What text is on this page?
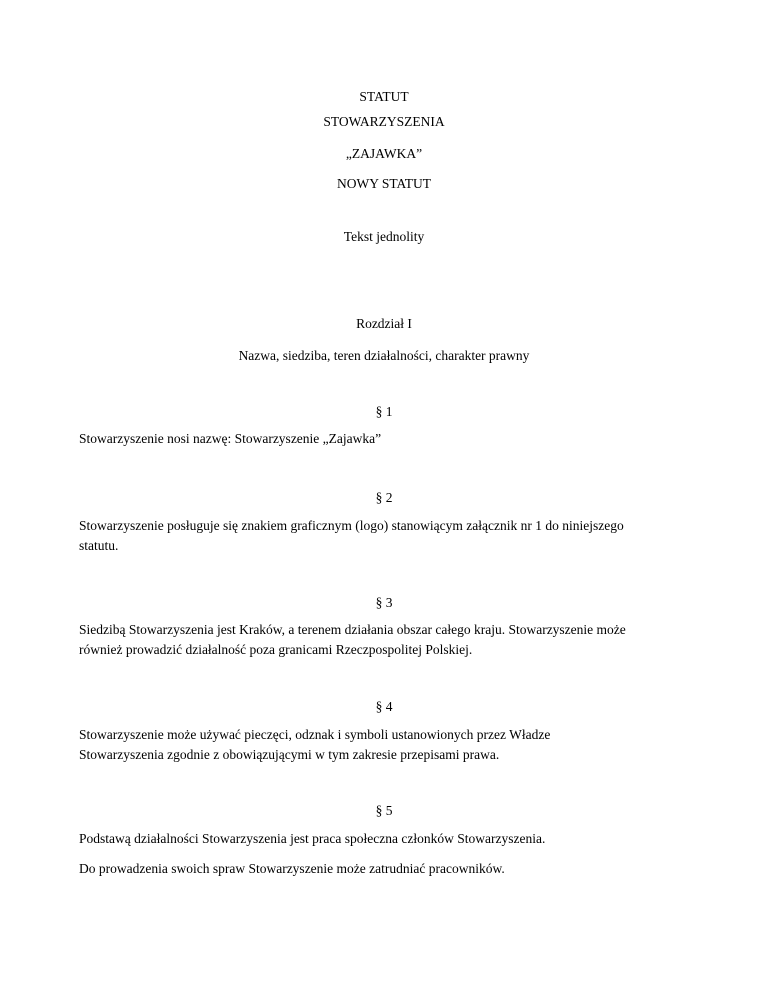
STATUT
STOWARZYSZENIA
„ZAJAWKA”
NOWY STATUT
Tekst jednolity
Rozdział I
Nazwa, siedziba, teren działalności, charakter prawny
§ 1
Stowarzyszenie nosi nazwę: Stowarzyszenie „Zajawka”
§ 2
Stowarzyszenie posługuje się znakiem graficznym (logo) stanowiącym załącznik nr 1 do niniejszego
statutu.
§ 3
Siedzibą Stowarzyszenia jest Kraków, a terenem działania obszar całego kraju. Stowarzyszenie może
również prowadzić działalność poza granicami Rzeczpospolitej Polskiej.
§ 4
Stowarzyszenie może używać pieczęci, odznak i symboli ustanowionych przez Władze
Stowarzyszenia zgodnie z obowiązującymi w tym zakresie przepisami prawa.
§ 5
Podstawą działalności Stowarzyszenia jest praca społeczna członków Stowarzyszenia.
Do prowadzenia swoich spraw Stowarzyszenie może zatrudniać pracowników.
